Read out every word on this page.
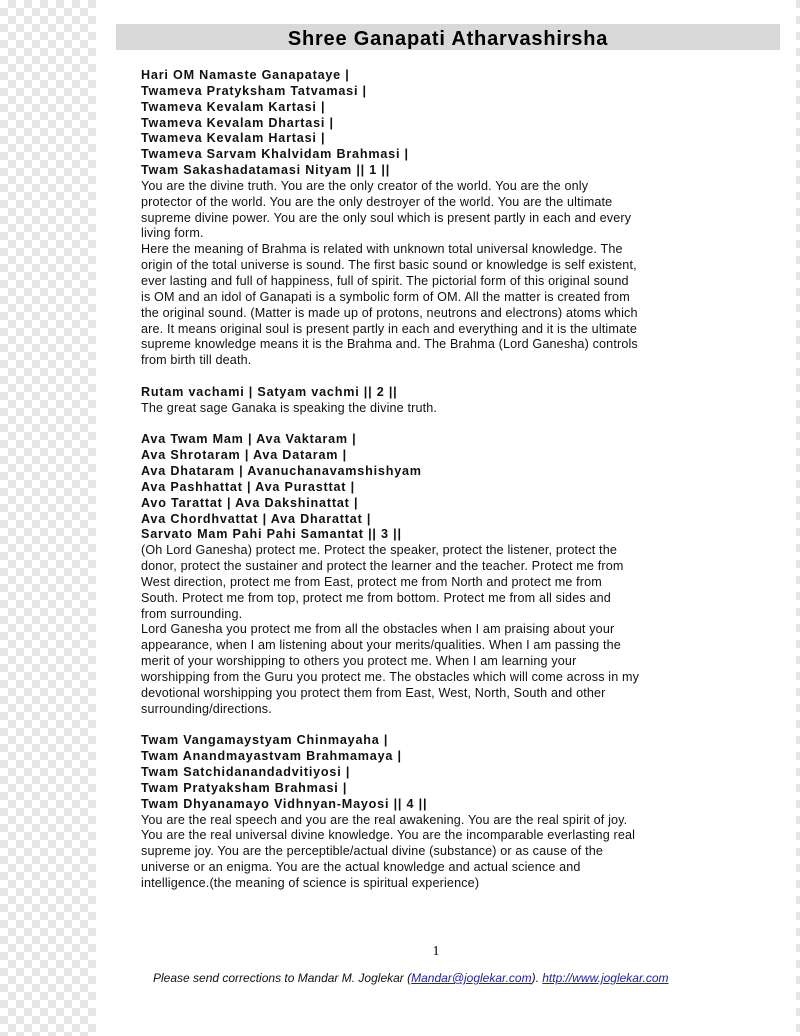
Shree Ganapati Atharvashirsha
Hari OM Namaste Ganapataye |
Twameva Pratyksham Tatvamasi |
Twameva Kevalam Kartasi |
Twameva Kevalam Dhartasi |
Twameva Kevalam Hartasi |
Twameva Sarvam Khalvidam Brahmasi |
Twam Sakashadatamasi Nityam || 1 ||
You are the divine truth. You are the only creator of the world. You are the only
protector of the world. You are the only destroyer of the world. You are the ultimate
supreme divine power. You are the only soul which is present partly in each and every
living form.
Here the meaning of Brahma is related with unknown total universal knowledge. The
origin of the total universe is sound. The first basic sound or knowledge is self existent,
ever lasting and full of happiness, full of spirit. The pictorial form of this original sound
is OM and an idol of Ganapati is a symbolic form of OM. All the matter is created from
the original sound. (Matter is made up of protons, neutrons and electrons) atoms which
are. It means original soul is present partly in each and everything and it is the ultimate
supreme knowledge means it is the Brahma and. The Brahma (Lord Ganesha) controls
from birth till death.
Rutam vachami | Satyam vachmi || 2 ||
The great sage Ganaka is speaking the divine truth.
Ava Twam Mam | Ava Vaktaram |
Ava Shrotaram | Ava Dataram |
Ava Dhataram | Avanuchanavamshishyam
Ava Pashhattat | Ava Purasttat |
Avo Tarattat | Ava Dakshinattat |
Ava Chordhvattat | Ava Dharattat |
Sarvato Mam Pahi Pahi Samantat || 3 ||
(Oh Lord Ganesha) protect me. Protect the speaker, protect the listener, protect the
donor, protect the sustainer and protect the learner and the teacher. Protect me from
West direction, protect me from East, protect me from North and protect me from
South. Protect me from top, protect me from bottom. Protect me from all sides and
from surrounding.
Lord Ganesha you protect me from all the obstacles when I am praising about your
appearance, when I am listening about your merits/qualities. When I am passing the
merit of your worshipping to others you protect me. When I am learning your
worshipping from the Guru you protect me. The obstacles which will come across in my
devotional worshipping you protect them from East, West, North, South and other
surrounding/directions.
Twam Vangamaystyam Chinmayaha |
Twam Anandmayastvam Brahmamaya |
Twam Satchidanandadvitiyosi |
Twam Pratyaksham Brahmasi |
Twam Dhyanamayo Vidhnyan-Mayosi || 4 ||
You are the real speech and you are the real awakening. You are the real spirit of joy.
You are the real universal divine knowledge. You are the incomparable everlasting real
supreme joy. You are the perceptible/actual divine (substance) or as cause of the
universe or an enigma. You are the actual knowledge and actual science and
intelligence.(the meaning of science is spiritual experience)
1
Please send corrections to Mandar M. Joglekar (Mandar@joglekar.com). http://www.joglekar.com
